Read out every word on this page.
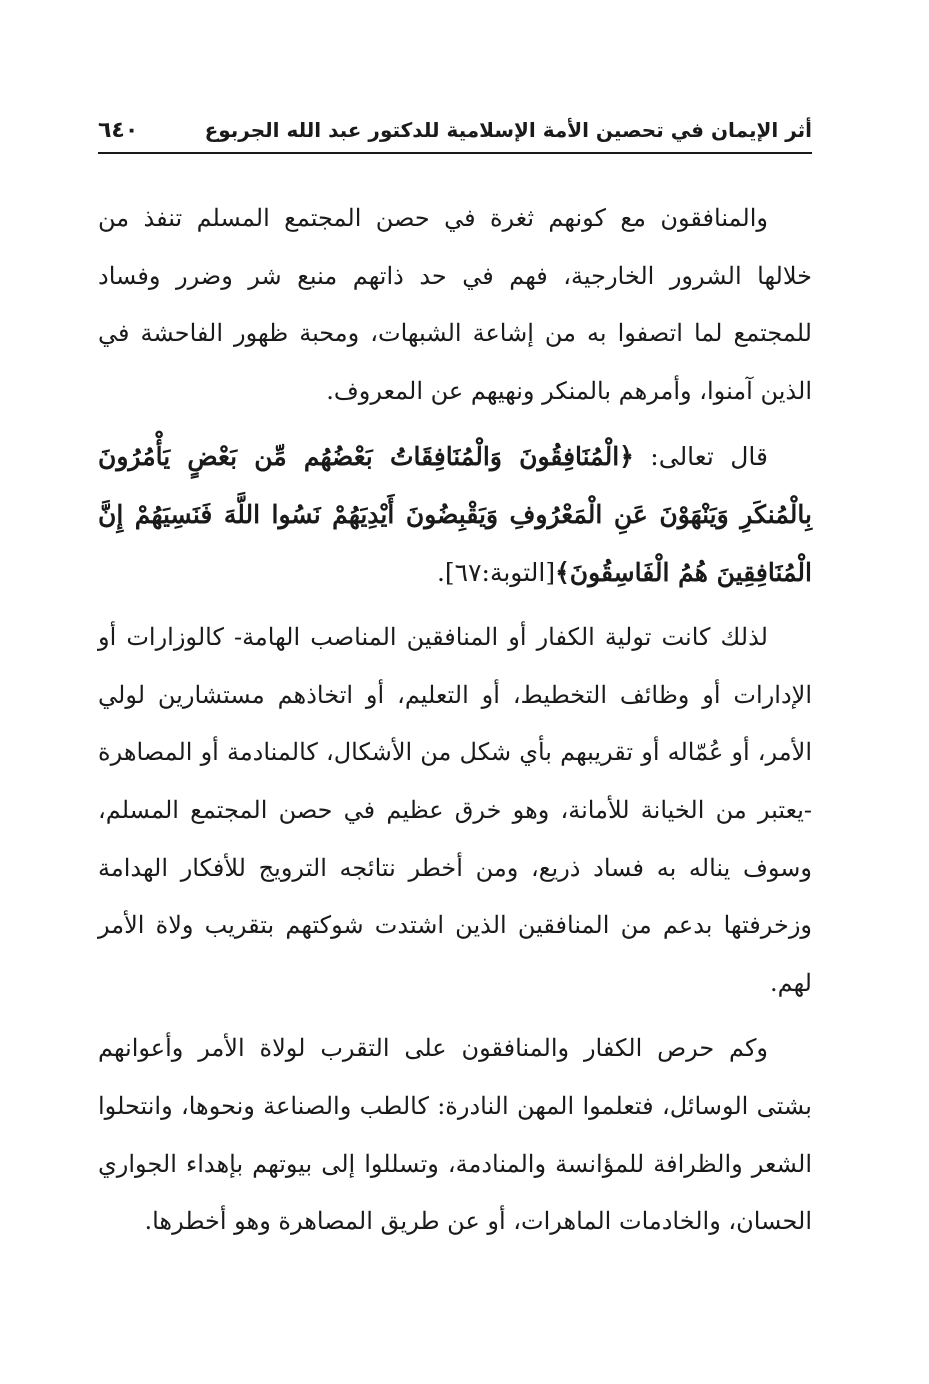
أثر الإيمان في تحصين الأمة الإسلامية للدكتور عبد الله الجربوع
٦٤٠

والمنافقون مع كونهم ثغرة في حصن المجتمع المسلم تنفذ من خلالها الشرور الخارجية، فهم في حد ذاتهم منبع شر وضرر وفساد للمجتمع لما اتصفوا به من إشاعة الشبهات، ومحبة ظهور الفاحشة في الذين آمنوا، وأمرهم بالمنكر ونهيهم عن المعروف.

قال تعالى: ﴿الْمُنَافِقُونَ وَالْمُنَافِقَاتُ بَعْضُهُم مِّن بَعْضٍ يَأْمُرُونَ بِالْمُنكَرِ وَيَنْهَوْنَ عَنِ الْمَعْرُوفِ وَيَقْبِضُونَ أَيْدِيَهُمْ نَسُوا اللَّهَ فَنَسِيَهُمْ إِنَّ الْمُنَافِقِينَ هُمُ الْفَاسِقُونَ﴾[التوبة:٦٧].

لذلك كانت تولية الكفار أو المنافقين المناصب الهامة- كالوزارات أو الإدارات أو وظائف التخطيط، أو التعليم، أو اتخاذهم مستشارين لولي الأمر، أو عُمّاله أو تقريبهم بأي شكل من الأشكال، كالمنادمة أو المصاهرة -يعتبر من الخيانة للأمانة، وهو خرق عظيم في حصن المجتمع المسلم، وسوف يناله به فساد ذريع، ومن أخطر نتائجه الترويج للأفكار الهدامة وزخرفتها بدعم من المنافقين الذين اشتدت شوكتهم بتقريب ولاة الأمر لهم.

وكم حرص الكفار والمنافقون على التقرب لولاة الأمر وأعوانهم بشتى الوسائل، فتعلموا المهن النادرة: كالطب والصناعة ونحوها، وانتحلوا الشعر والظرافة للمؤانسة والمنادمة، وتسللوا إلى بيوتهم بإهداء الجواري الحسان، والخادمات الماهرات، أو عن طريق المصاهرة وهو أخطرها.
